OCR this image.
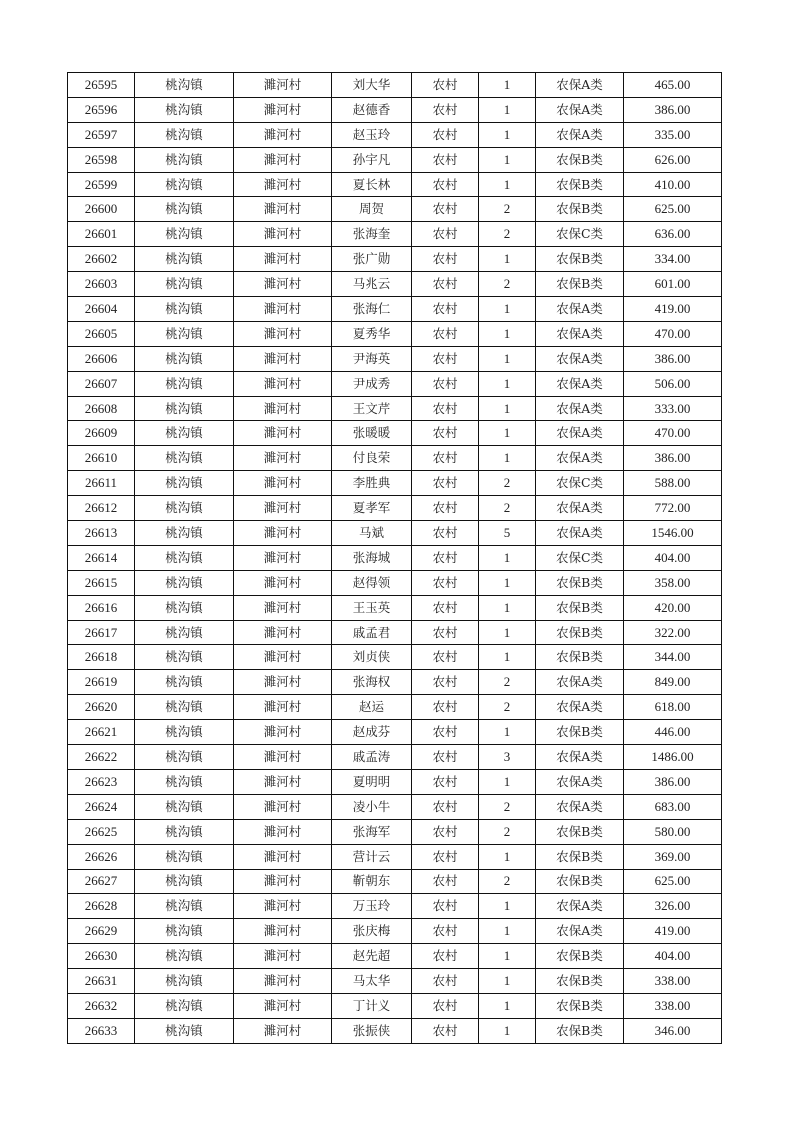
26595	桃沟镇	濉河村	刘大华	农村	1	农保A类	465.00
26596	桃沟镇	濉河村	赵德香	农村	1	农保A类	386.00
26597	桃沟镇	濉河村	赵玉玲	农村	1	农保A类	335.00
26598	桃沟镇	濉河村	孙宇凡	农村	1	农保B类	626.00
26599	桃沟镇	濉河村	夏长林	农村	1	农保B类	410.00
26600	桃沟镇	濉河村	周贺	农村	2	农保B类	625.00
26601	桃沟镇	濉河村	张海奎	农村	2	农保C类	636.00
26602	桃沟镇	濉河村	张广勋	农村	1	农保B类	334.00
26603	桃沟镇	濉河村	马兆云	农村	2	农保B类	601.00
26604	桃沟镇	濉河村	张海仁	农村	1	农保A类	419.00
26605	桃沟镇	濉河村	夏秀华	农村	1	农保A类	470.00
26606	桃沟镇	濉河村	尹海英	农村	1	农保A类	386.00
26607	桃沟镇	濉河村	尹成秀	农村	1	农保A类	506.00
26608	桃沟镇	濉河村	王文芹	农村	1	农保A类	333.00
26609	桃沟镇	濉河村	张暖暖	农村	1	农保A类	470.00
26610	桃沟镇	濉河村	付良荣	农村	1	农保A类	386.00
26611	桃沟镇	濉河村	李胜典	农村	2	农保C类	588.00
26612	桃沟镇	濉河村	夏孝军	农村	2	农保A类	772.00
26613	桃沟镇	濉河村	马斌	农村	5	农保A类	1546.00
26614	桃沟镇	濉河村	张海城	农村	1	农保C类	404.00
26615	桃沟镇	濉河村	赵得领	农村	1	农保B类	358.00
26616	桃沟镇	濉河村	王玉英	农村	1	农保B类	420.00
26617	桃沟镇	濉河村	戚孟君	农村	1	农保B类	322.00
26618	桃沟镇	濉河村	刘贞侠	农村	1	农保B类	344.00
26619	桃沟镇	濉河村	张海权	农村	2	农保A类	849.00
26620	桃沟镇	濉河村	赵运	农村	2	农保A类	618.00
26621	桃沟镇	濉河村	赵成芬	农村	1	农保B类	446.00
26622	桃沟镇	濉河村	戚孟涛	农村	3	农保A类	1486.00
26623	桃沟镇	濉河村	夏明明	农村	1	农保A类	386.00
26624	桃沟镇	濉河村	凌小牛	农村	2	农保A类	683.00
26625	桃沟镇	濉河村	张海军	农村	2	农保B类	580.00
26626	桃沟镇	濉河村	营计云	农村	1	农保B类	369.00
26627	桃沟镇	濉河村	靳朝东	农村	2	农保B类	625.00
26628	桃沟镇	濉河村	万玉玲	农村	1	农保A类	326.00
26629	桃沟镇	濉河村	张庆梅	农村	1	农保A类	419.00
26630	桃沟镇	濉河村	赵先超	农村	1	农保B类	404.00
26631	桃沟镇	濉河村	马太华	农村	1	农保B类	338.00
26632	桃沟镇	濉河村	丁计义	农村	1	农保B类	338.00
26633	桃沟镇	濉河村	张振侠	农村	1	农保B类	346.00
